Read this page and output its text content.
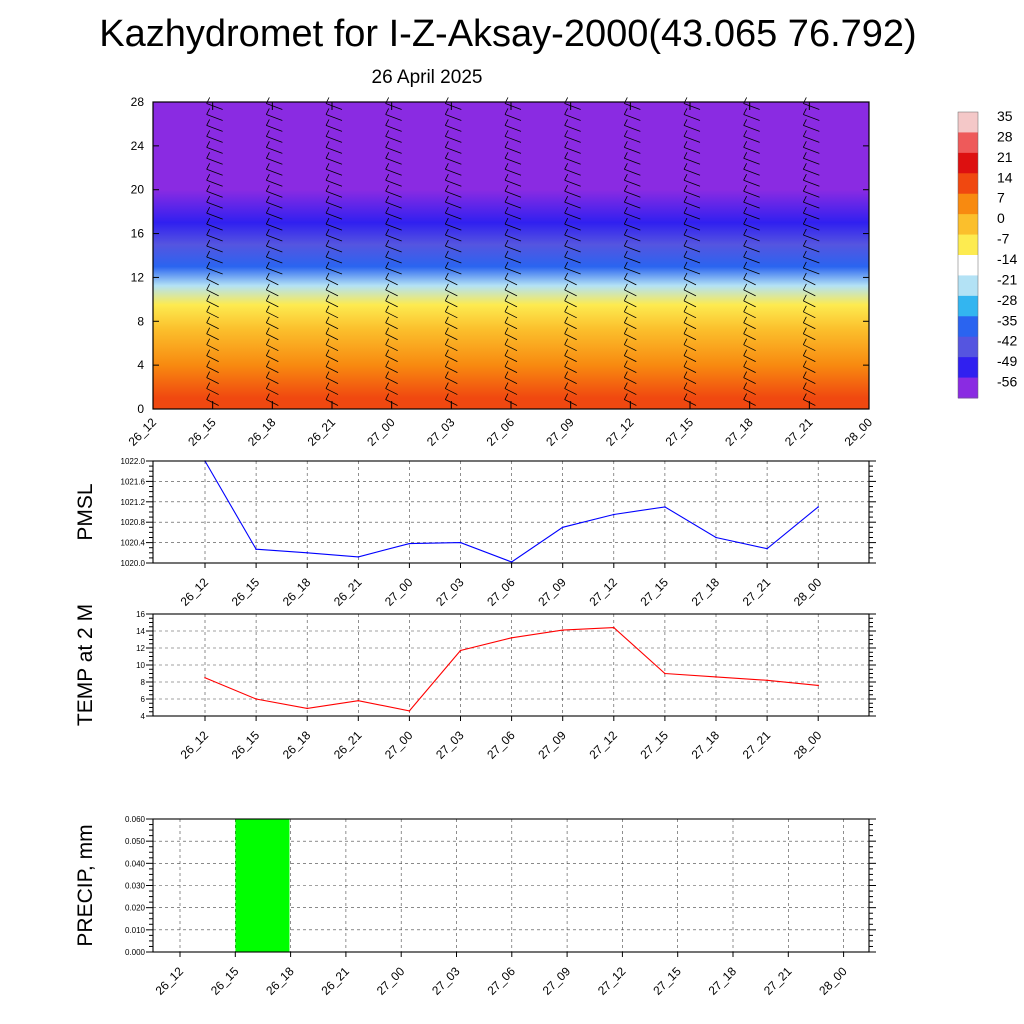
Kazhydromet for I-Z-Aksay-2000(43.065 76.792)
26 April 2025
0
4
8
12
16
20
24
28
26_12 26_15 26_18 26_21 27_00 27_03 27_06 27_09 27_12 27_15 27_18 27_21 28_00
35
28
21
14
7
0
-7
-14
-21
-28
-35
-42
-49
-56
1020.0
1020.4
1020.8
1021.2
1021.6
1022.0
26_12 26_15 26_18 26_21 27_00 27_03 27_06 27_09 27_12 27_15 27_18 27_21 28_00
PMSL
4
6
8
10
12
14
16
26_12 26_15 26_18 26_21 27_00 27_03 27_06 27_09 27_12 27_15 27_18 27_21 28_00
TEMP at 2 M
0.000
0.010
0.020
0.030
0.040
0.050
0.060
26_12 26_15 26_18 26_21 27_00 27_03 27_06 27_09 27_12 27_15 27_18 27_21 28_00
PRECIP, mm
